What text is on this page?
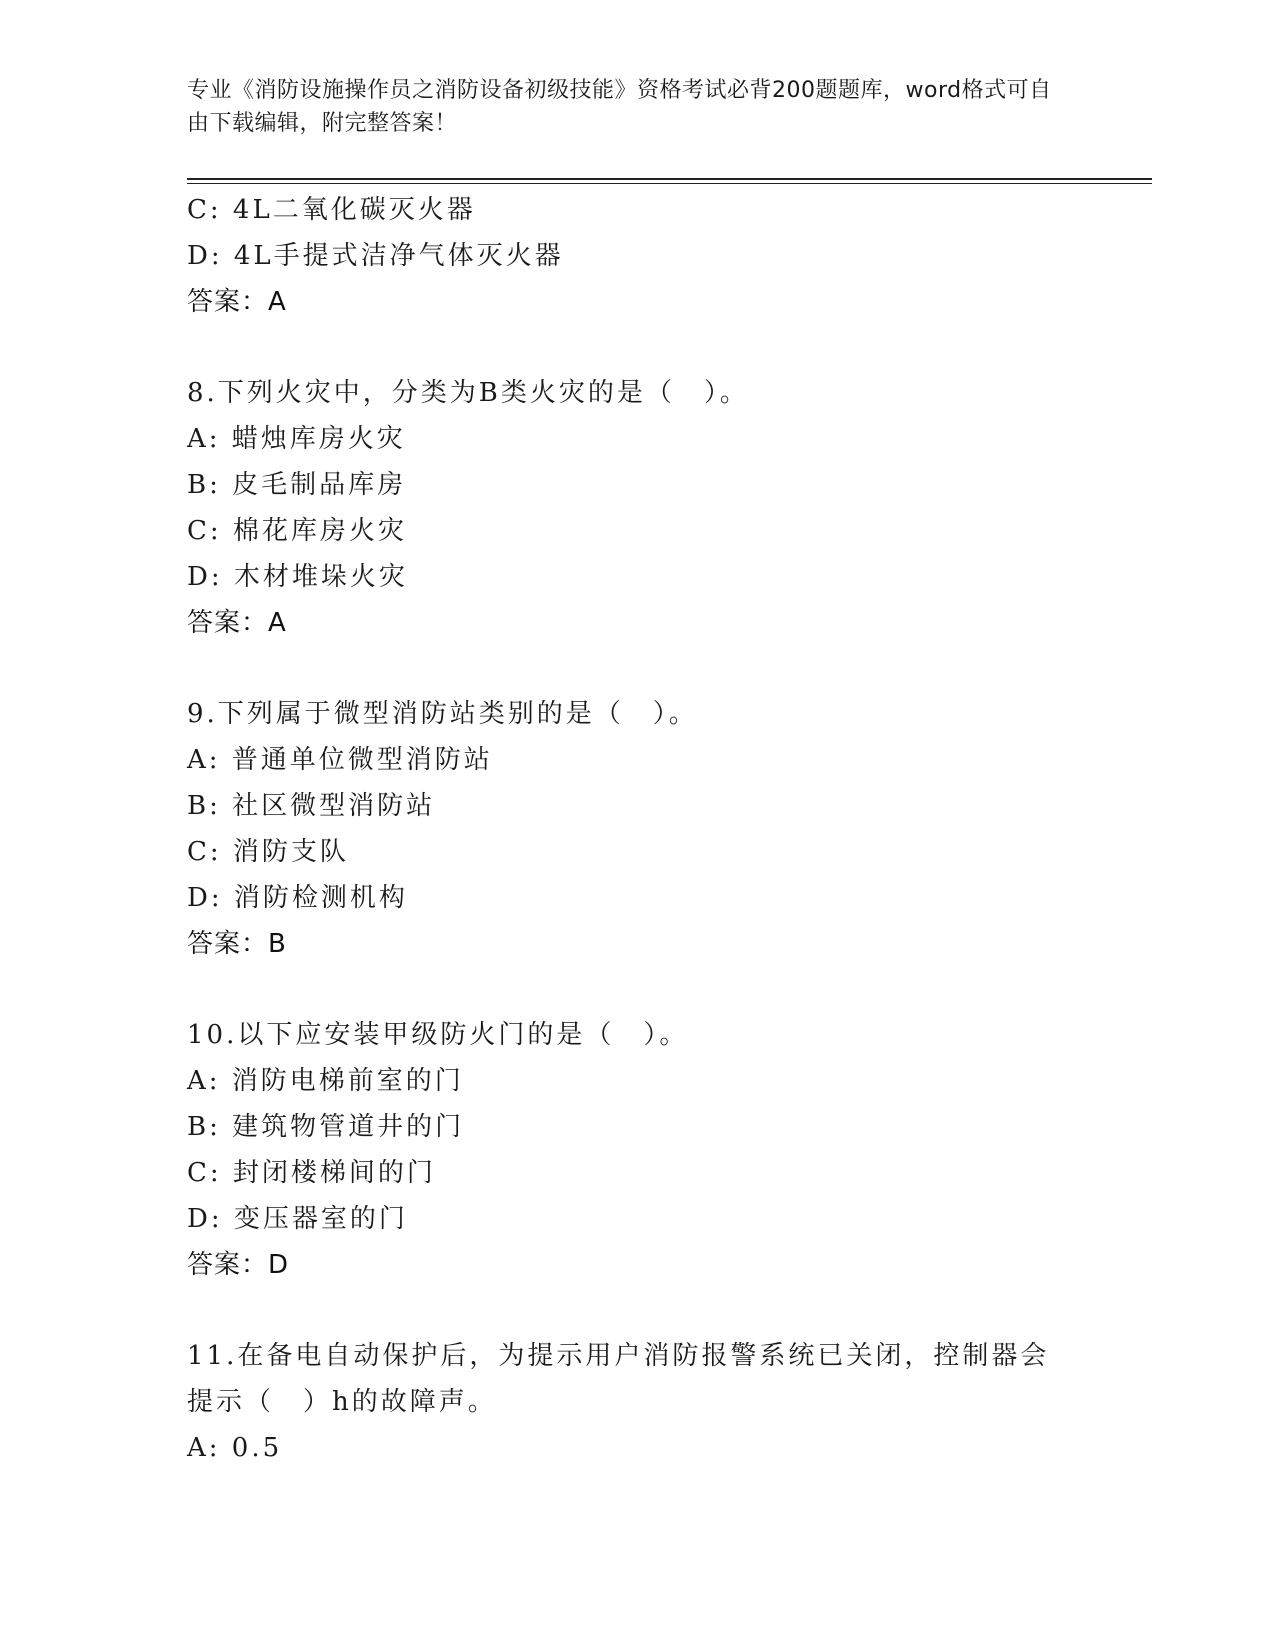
专业《消防设施操作员之消防设备初级技能》资格考试必背200题题库，word格式可自由下载编辑，附完整答案！
C: 4L二氧化碳灭火器
D: 4L手提式洁净气体灭火器
答案：A
8.下列火灾中，分类为B类火灾的是（　）。
A: 蜡烛库房火灾
B: 皮毛制品库房
C: 棉花库房火灾
D: 木材堆垛火灾
答案：A
9.下列属于微型消防站类别的是（　）。
A: 普通单位微型消防站
B: 社区微型消防站
C: 消防支队
D: 消防检测机构
答案：B
10.以下应安装甲级防火门的是（　）。
A: 消防电梯前室的门
B: 建筑物管道井的门
C: 封闭楼梯间的门
D: 变压器室的门
答案：D
11.在备电自动保护后，为提示用户消防报警系统已关闭，控制器会提示（　）h的故障声。
A: 0.5
